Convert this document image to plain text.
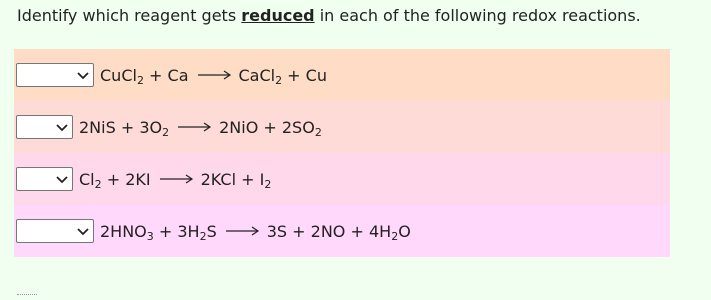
Identify which reagent gets reduced in each of the following redox reactions.
CuCl$_2$ + Ca → CaCl$_2$ + Cu
$2NiS + 3O_2 \to 2NiO + 2SO_2$
$Cl_2 + 2KI \to 2KCl + I_2$
$2HNO_3 + 3H_2S \to 3S + 2NO + 4H_2O$
